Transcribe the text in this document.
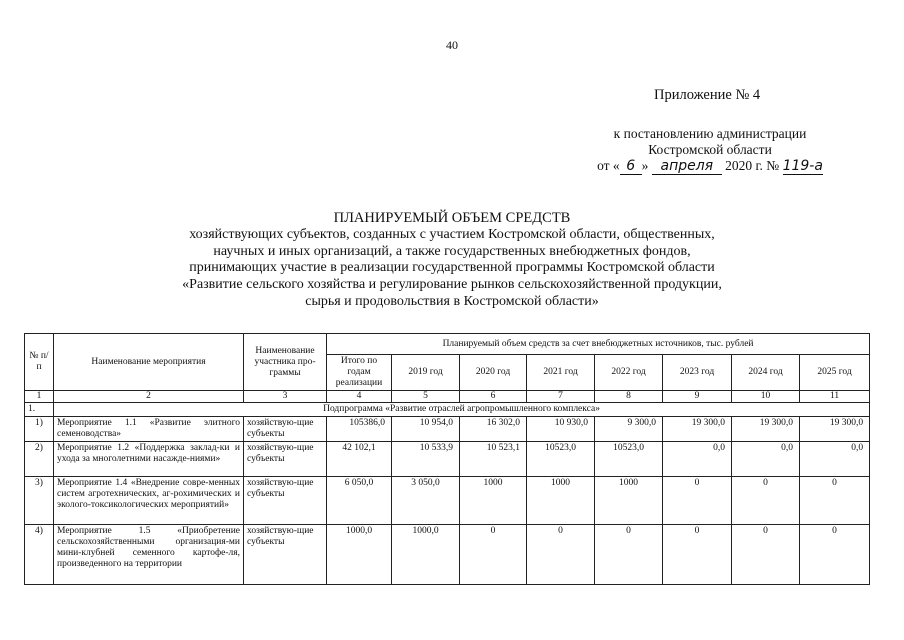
40
Приложение № 4
к постановлению администрации
Костромской области
от « 6 » апреля 2020 г. № 119-а
ПЛАНИРУЕМЫЙ ОБЪЕМ СРЕДСТВ
хозяйствующих субъектов, созданных с участием Костромской области, общественных,
научных и иных организаций, а также государственных внебюджетных фондов,
принимающих участие в реализации государственной программы Костромской области
«Развитие сельского хозяйства и регулирование рынков сельскохозяйственной продукции,
сырья и продовольствия в Костромской области»
№ п/п	Наименование мероприятия	Наименование участника про-граммы	Планируемый объем средств за счет внебюджетных источников, тыс. рублей							
			Итого по годам реализации	2019 год	2020 год	2021 год	2022 год	2023 год	2024 год	2025 год
1	2	3	4	5	6	7	8	9	10	11
1.	Подпрограмма «Развитие отраслей агропромышленного комплекса»									
1)	Мероприятие 1.1 «Развитие элитного семеноводства»	хозяйствую-щие субъекты	105386,0	10 954,0	16 302,0	10 930,0	9 300,0	19 300,0	19 300,0	19 300,0
2)	Мероприятие 1.2 «Поддержка заклад-ки и ухода за многолетними насажде-ниями»	хозяйствую-щие субъекты	42 102,1	10 533,9	10 523,1	10523,0	10523,0	0,0	0,0	0,0
3)	Мероприятие 1.4 «Внедрение совре-менных систем агротехнических, аг-рохимических и эколого-токсикологических мероприятий»	хозяйствую-щие субъекты	6 050,0	3 050,0	1000	1000	1000	0	0	0
4)	Мероприятие 1.5 «Приобретение сельскохозяйственными организация-ми мини-клубней семенного картофе-ля, произведенного на территории	хозяйствую-щие субъекты	1000,0	1000,0	0	0	0	0	0	0
